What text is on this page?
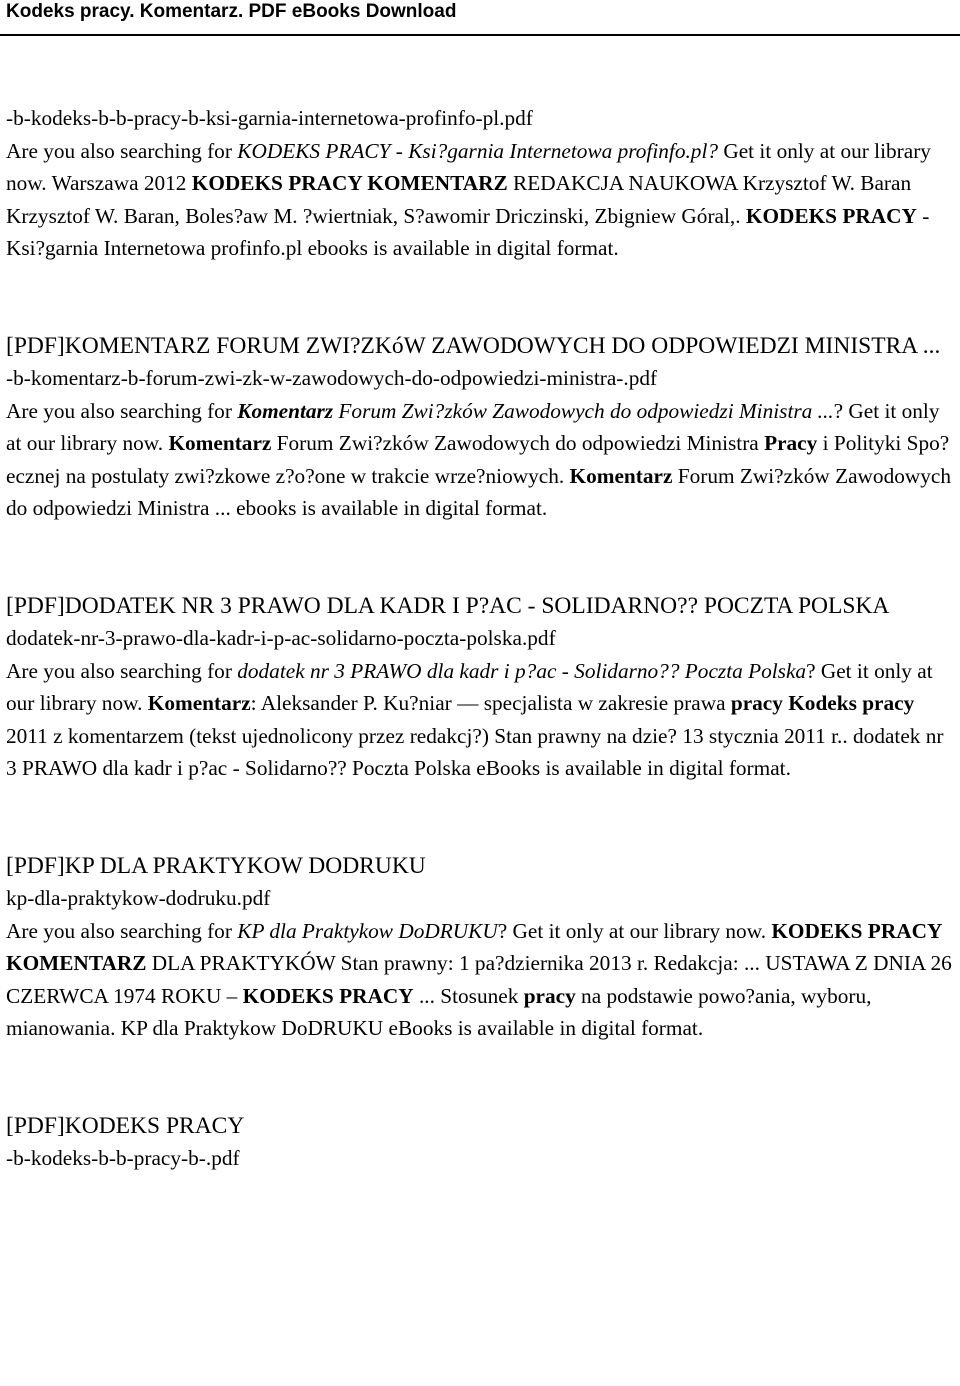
Kodeks pracy. Komentarz. PDF eBooks Download

-b-kodeks-b-b-pracy-b-ksi-garnia-internetowa-profinfo-pl.pdf

Are you also searching for KODEKS PRACY - Ksi?garnia Internetowa profinfo.pl? Get it only at our library now. Warszawa 2012 KODEKS PRACY KOMENTARZ REDAKCJA NAUKOWA Krzysztof W. Baran Krzysztof W. Baran, Boles?aw M. ?wiertniak, S?awomir Driczinski, Zbigniew Góral,. KODEKS PRACY - Ksi?garnia Internetowa profinfo.pl ebooks is available in digital format.

[PDF]KOMENTARZ FORUM ZWI?ZKóW ZAWODOWYCH DO ODPOWIEDZI MINISTRA ...

-b-komentarz-b-forum-zwi-zk-w-zawodowych-do-odpowiedzi-ministra-.pdf

Are you also searching for Komentarz Forum Zwi?zków Zawodowych do odpowiedzi Ministra ...? Get it only at our library now. Komentarz Forum Zwi?zków Zawodowych do odpowiedzi Ministra Pracy i Polityki Spo?ecznej na postulaty zwi?zkowe z?o?one w trakcie wrze?niowych. Komentarz Forum Zwi?zków Zawodowych do odpowiedzi Ministra ... ebooks is available in digital format.

[PDF]DODATEK NR 3 PRAWO DLA KADR I P?AC - SOLIDARNO?? POCZTA POLSKA

dodatek-nr-3-prawo-dla-kadr-i-p-ac-solidarno-poczta-polska.pdf

Are you also searching for dodatek nr 3 PRAWO dla kadr i p?ac - Solidarno?? Poczta Polska? Get it only at our library now. Komentarz: Aleksander P. Ku?niar — specjalista w zakresie prawa pracy Kodeks pracy 2011 z komentarzem (tekst ujednolicony przez redakcj?) Stan prawny na dzie? 13 stycznia 2011 r.. dodatek nr 3 PRAWO dla kadr i p?ac - Solidarno?? Poczta Polska eBooks is available in digital format.

[PDF]KP DLA PRAKTYKOW DODRUKU

kp-dla-praktykow-dodruku.pdf

Are you also searching for KP dla Praktykow DoDRUKU? Get it only at our library now. KODEKS PRACY KOMENTARZ DLA PRAKTYKÓW Stan prawny: 1 pa?dziernika 2013 r. Redakcja: ... USTAWA Z DNIA 26 CZERWCA 1974 ROKU – KODEKS PRACY ... Stosunek pracy na podstawie powo?ania, wyboru, mianowania. KP dla Praktykow DoDRUKU eBooks is available in digital format.

[PDF]KODEKS PRACY

-b-kodeks-b-b-pracy-b-.pdf
